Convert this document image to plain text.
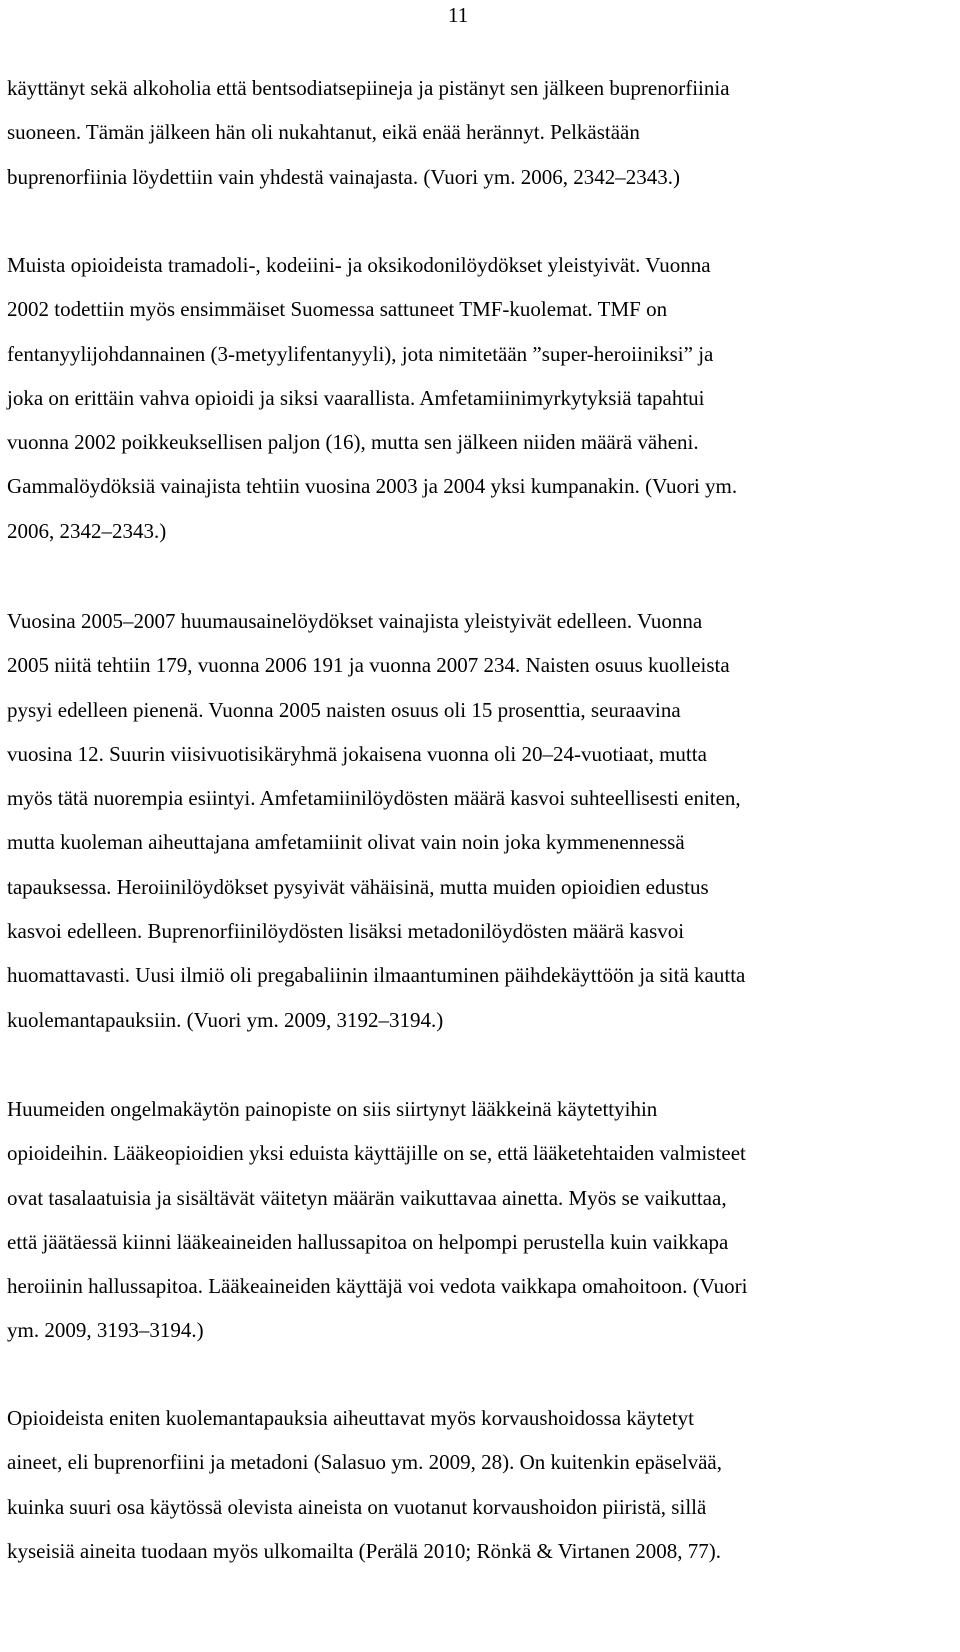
11

käyttänyt sekä alkoholia että bentsodiatsepiineja ja pistänyt sen jälkeen buprenorfiinia
suoneen. Tämän jälkeen hän oli nukahtanut, eikä enää herännyt. Pelkästään
buprenorfiinia löydettiin vain yhdestä vainajasta. (Vuori ym. 2006, 2342–2343.)

Muista opioideista tramadoli-, kodeiini- ja oksikodonilöydökset yleistyivät. Vuonna
2002 todettiin myös ensimmäiset Suomessa sattuneet TMF-kuolemat. TMF on
fentanyylijohdannainen (3-metyylifentanyyli), jota nimitetään ”super-heroiiniksi” ja
joka on erittäin vahva opioidi ja siksi vaarallista. Amfetamiinimyrkytyksiä tapahtui
vuonna 2002 poikkeuksellisen paljon (16), mutta sen jälkeen niiden määrä väheni.
Gammalöydöksiä vainajista tehtiin vuosina 2003 ja 2004 yksi kumpanakin. (Vuori ym.
2006, 2342–2343.)

Vuosina 2005–2007 huumausainelöydökset vainajista yleistyivät edelleen. Vuonna
2005 niitä tehtiin 179, vuonna 2006 191 ja vuonna 2007 234. Naisten osuus kuolleista
pysyi edelleen pienenä. Vuonna 2005 naisten osuus oli 15 prosenttia, seuraavina
vuosina 12. Suurin viisivuotisikäryhmä jokaisena vuonna oli 20–24-vuotiaat, mutta
myös tätä nuorempia esiintyi. Amfetamiinilöydösten määrä kasvoi suhteellisesti eniten,
mutta kuoleman aiheuttajana amfetamiinit olivat vain noin joka kymmenennessä
tapauksessa. Heroiinilöydökset pysyivät vähäisinä, mutta muiden opioidien edustus
kasvoi edelleen. Buprenorfiinilöydösten lisäksi metadonilöydösten määrä kasvoi
huomattavasti. Uusi ilmiö oli pregabaliinin ilmaantuminen päihdekäyttöön ja sitä kautta
kuolemantapauksiin. (Vuori ym. 2009, 3192–3194.)

Huumeiden ongelmakäytön painopiste on siis siirtynyt lääkkeinä käytettyihin
opioideihin. Lääkeopioidien yksi eduista käyttäjille on se, että lääketehtaiden valmisteet
ovat tasalaatuisia ja sisältävät väitetyn määrän vaikuttavaa ainetta. Myös se vaikuttaa,
että jäätäessä kiinni lääkeaineiden hallussapitoa on helpompi perustella kuin vaikkapa
heroiinin hallussapitoa. Lääkeaineiden käyttäjä voi vedota vaikkapa omahoitoon. (Vuori
ym. 2009, 3193–3194.)

Opioideista eniten kuolemantapauksia aiheuttavat myös korvaushoidossa käytetyt
aineet, eli buprenorfiini ja metadoni (Salasuo ym. 2009, 28). On kuitenkin epäselvää,
kuinka suuri osa käytössä olevista aineista on vuotanut korvaushoidon piiristä, sillä
kyseisiä aineita tuodaan myös ulkomailta (Perälä 2010; Rönkä & Virtanen 2008, 77).
